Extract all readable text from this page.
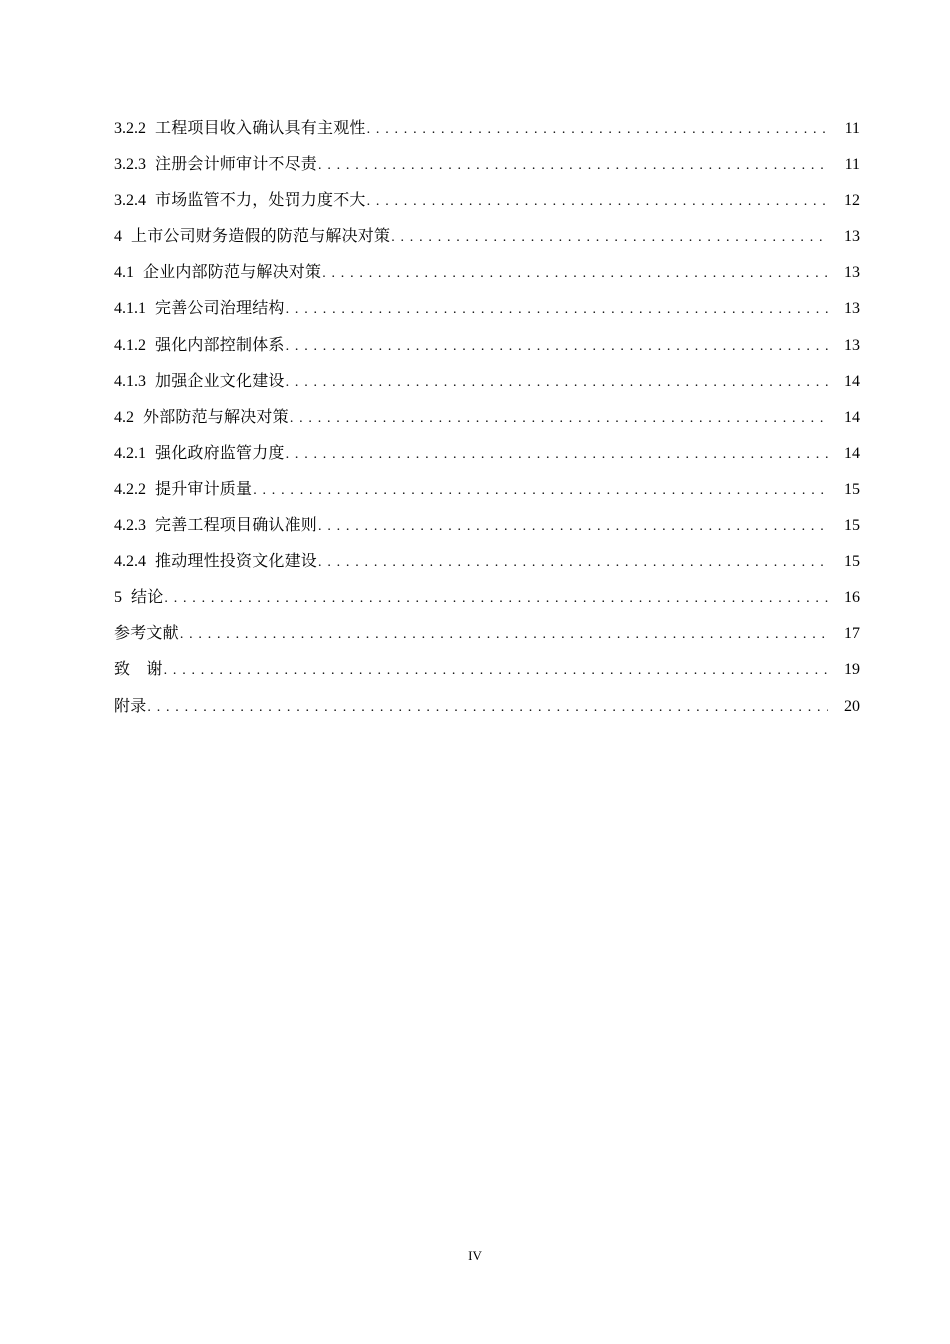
3.2.2 工程项目收入确认具有主观性 . . .	11
3.2.3 注册会计师审计不尽责 . . .	11
3.2.4 市场监管不力，处罚力度不大 . . .	12
4 上市公司财务造假的防范与解决对策 . . .	13
4.1 企业内部防范与解决对策 . . .	13
4.1.1 完善公司治理结构 . . .	13
4.1.2 强化内部控制体系 . . .	13
4.1.3 加强企业文化建设 . . .	14
4.2 外部防范与解决对策 . . .	14
4.2.1 强化政府监管力度 . . .	14
4.2.2 提升审计质量 . . .	15
4.2.3 完善工程项目确认准则 . . .	15
4.2.4 推动理性投资文化建设 . . .	15
5 结论 . . .	16
参考文献 . . .	17
致　谢 . . .	19
附录 . . .	20
IV
